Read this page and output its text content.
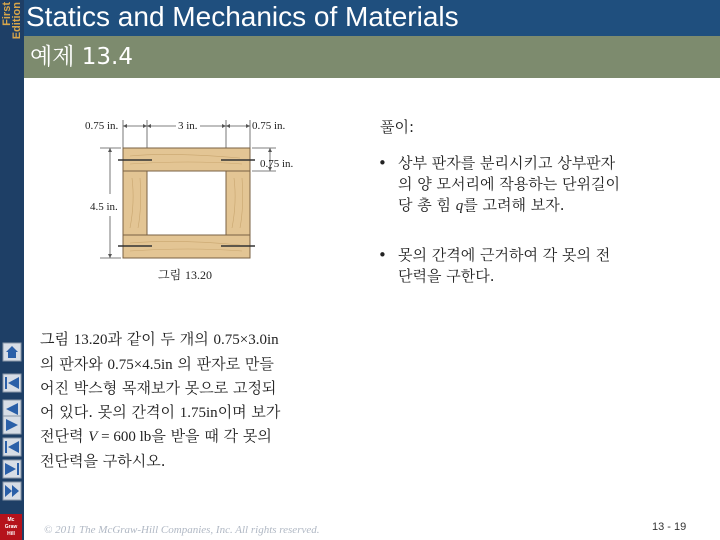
First
Edition Statics and Mechanics of Materials
예제 13.4
Mc
Graw
Hill
0.75 in.	3 in.	0.75 in.
0.75 in.
4.5 in.
그림 13.20
풀이:
• 상부 판자를 분리시키고 상부판자
의 양 모서리에 작용하는 단위길이
당 총 힘 q를 고려해 보자.
• 못의 간격에 근거하여 각 못의 전
단력을 구한다.
그림 13.20과 같이 두 개의 0.75×3.0in
의 판자와 0.75×4.5in 의 판자로 만들
어진 박스형 목재보가 못으로 고정되
어 있다. 못의 간격이 1.75in이며 보가
전단력 V = 600 lb을 받을 때 각 못의
전단력을 구하시오.
© 2011 The McGraw-Hill Companies, Inc. All rights reserved.	13 - 19
